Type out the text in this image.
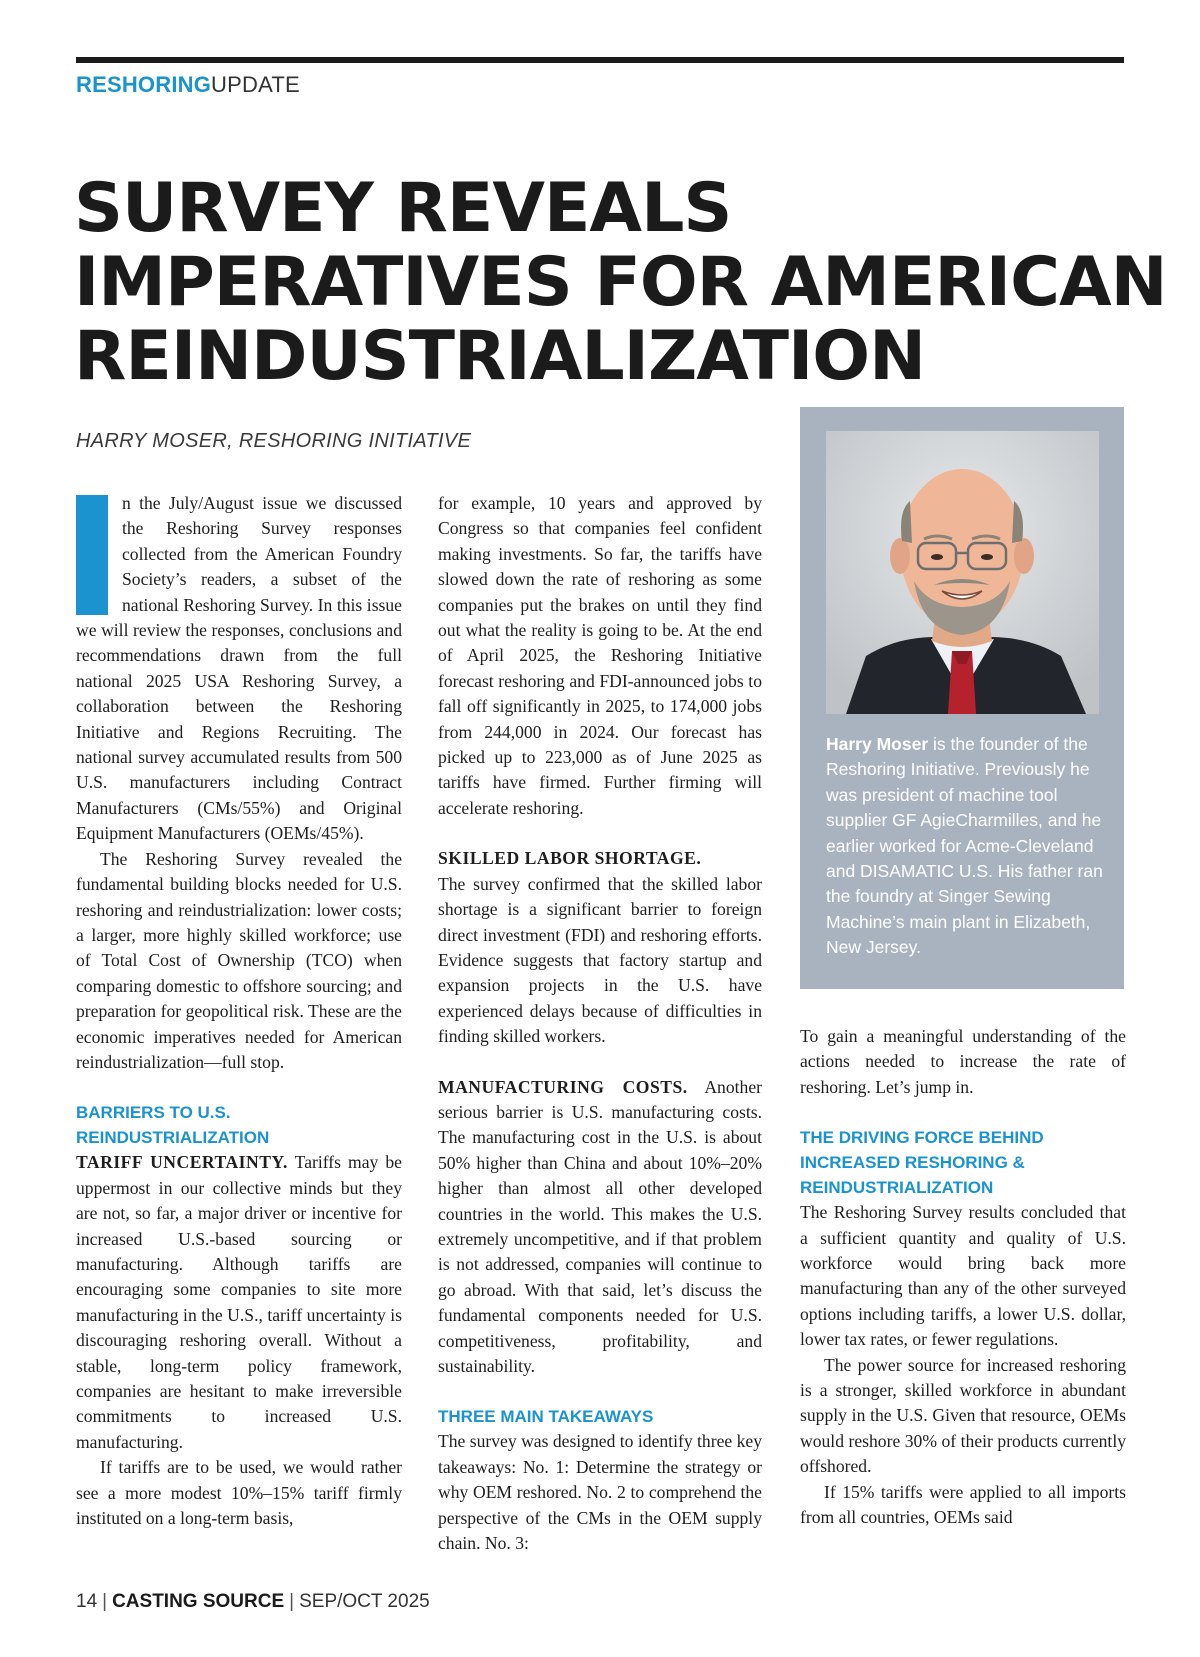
RESHORINGUPDATE
SURVEY REVEALS
IMPERATIVES FOR AMERICAN
REINDUSTRIALIZATION
HARRY MOSER, RESHORING INITIATIVE

n the July/August issue we discussed the Reshoring Survey responses collected from the American Foundry Society’s readers, a subset of the national Reshoring Survey. In this issue we will review the responses, conclusions and recommendations drawn from the full national 2025 USA Reshoring Survey, a collaboration between the Reshoring Initiative and Regions Recruiting. The national survey accumulated results from 500 U.S. manufacturers including Contract Manufacturers (CMs/55%) and Original Equipment Manufacturers (OEMs/45%).

The Reshoring Survey revealed the fundamental building blocks needed for U.S. reshoring and reindustrialization: lower costs; a larger, more highly skilled workforce; use of Total Cost of Ownership (TCO) when comparing domestic to offshore sourcing; and preparation for geopolitical risk. These are the economic imperatives needed for American reindustrialization—full stop.

BARRIERS TO U.S.
REINDUSTRIALIZATION

TARIFF UNCERTAINTY. Tariffs may be uppermost in our collective minds but they are not, so far, a major driver or incentive for increased U.S.-based sourcing or manufacturing. Although tariffs are encouraging some companies to site more manufacturing in the U.S., tariff uncertainty is discouraging reshoring overall. Without a stable, long-term policy framework, companies are hesitant to make irreversible commitments to increased U.S. manufacturing.

If tariffs are to be used, we would rather see a more modest 10%–15% tariff firmly instituted on a long-term basis,

for example, 10 years and approved by Congress so that companies feel confident making investments. So far, the tariffs have slowed down the rate of reshoring as some companies put the brakes on until they find out what the reality is going to be. At the end of April 2025, the Reshoring Initiative forecast reshoring and FDI-announced jobs to fall off significantly in 2025, to 174,000 jobs from 244,000 in 2024. Our forecast has picked up to 223,000 as of June 2025 as tariffs have firmed. Further firming will accelerate reshoring.

SKILLED LABOR SHORTAGE.

The survey confirmed that the skilled labor shortage is a significant barrier to foreign direct investment (FDI) and reshoring efforts. Evidence suggests that factory startup and expansion projects in the U.S. have experienced delays because of difficulties in finding skilled workers.

MANUFACTURING COSTS. Another serious barrier is U.S. manufacturing costs. The manufacturing cost in the U.S. is about 50% higher than China and about 10%–20% higher than almost all other developed countries in the world. This makes the U.S. extremely uncompetitive, and if that problem is not addressed, companies will continue to go abroad. With that said, let’s discuss the fundamental components needed for U.S. competitiveness, profitability, and sustainability.

THREE MAIN TAKEAWAYS

The survey was designed to identify three key takeaways: No. 1: Determine the strategy or why OEM reshored. No. 2 to comprehend the perspective of the CMs in the OEM supply chain. No. 3:

Harry Moser is the founder of the Reshoring Initiative. Previously he was president of machine tool supplier GF AgieCharmilles, and he earlier worked for Acme-Cleveland and DISAMATIC U.S. His father ran the foundry at Singer Sewing Machine’s main plant in Elizabeth, New Jersey.

To gain a meaningful understanding of the actions needed to increase the rate of reshoring. Let’s jump in.

THE DRIVING FORCE BEHIND
INCREASED RESHORING &
REINDUSTRIALIZATION

The Reshoring Survey results concluded that a sufficient quantity and quality of U.S. workforce would bring back more manufacturing than any of the other surveyed options including tariffs, a lower U.S. dollar, lower tax rates, or fewer regulations.

The power source for increased reshoring is a stronger, skilled workforce in abundant supply in the U.S. Given that resource, OEMs would reshore 30% of their products currently offshored.

If 15% tariffs were applied to all imports from all countries, OEMs said

14 | CASTING SOURCE | SEP/OCT 2025
